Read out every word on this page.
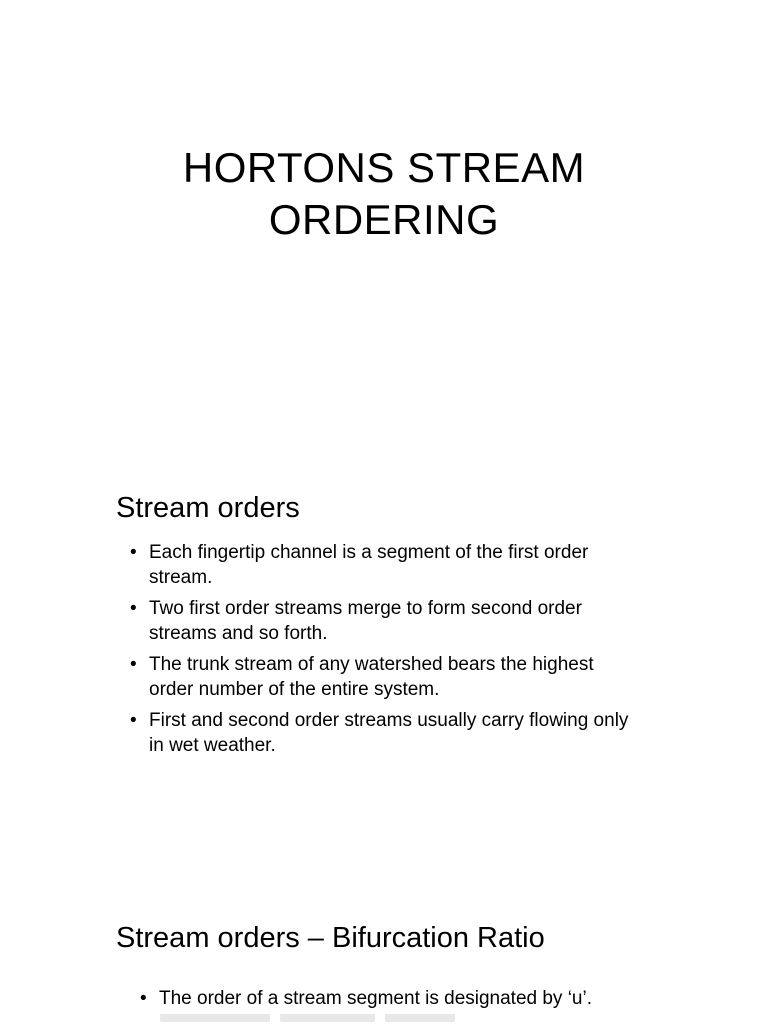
HORTONS STREAM
ORDERING
Stream orders
• Each fingertip channel is a segment of the first order stream.
• Two first order streams merge to form second order streams and so forth.
• The trunk stream of any watershed bears the highest order number of the entire system.
• First and second order streams usually carry flowing only in wet weather.
Stream orders – Bifurcation Ratio
• The order of a stream segment is designated by ‘u’.
